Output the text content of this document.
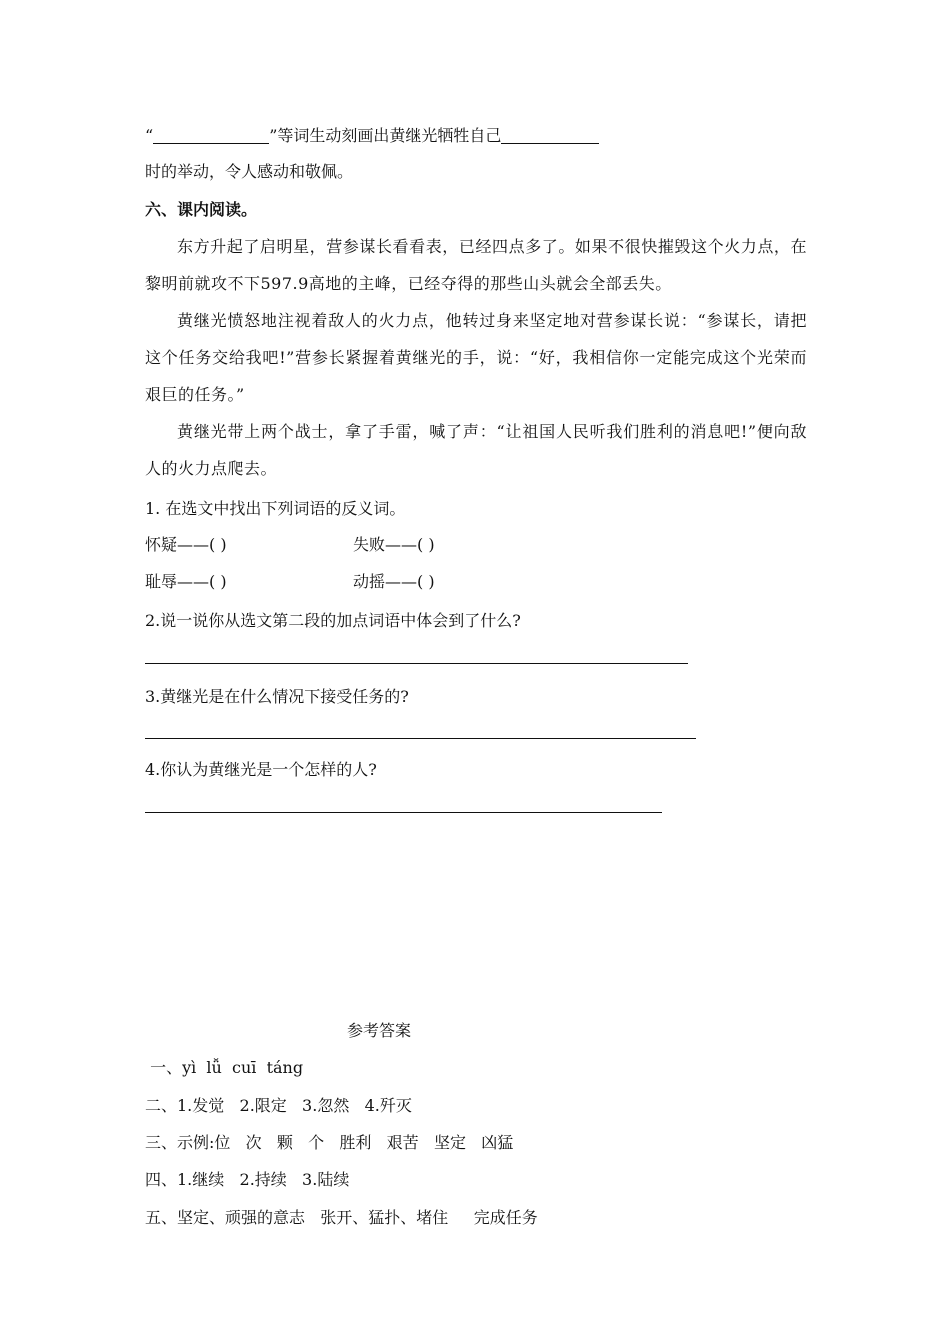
“	”等词生动刻画出黄继光牺牲自己
时的举动，令人感动和敬佩。
六、课内阅读。
东方升起了启明星，营参谋长看看表，已经四点多了。如果不很快摧毁这个火力点，在黎明前就攻不下597.9高地的主峰，已经夺得的那些山头就会全部丢失。
黄继光愤怒地注视着敌人的火力点，他转过身来坚定地对营参谋长说：“参谋长，请把这个任务交给我吧!”营参长紧握着黄继光的手，说：“好，我相信你一定能完成这个光荣而艰巨的任务。”
黄继光带上两个战士，拿了手雷，喊了声：“让祖国人民听我们胜利的消息吧!”便向敌人的火力点爬去。
1. 在选文中找出下列词语的反义词。
怀疑——( )	失败——( )
耻辱——( )	动摇——( )
2.说一说你从选文第二段的加点词语中体会到了什么?
3.黄继光是在什么情况下接受任务的?
4.你认为黄继光是一个怎样的人?
参考答案
一、yì  lǚ  cuī  táng
二、1.发觉   2.限定   3.忽然   4.歼灭
三、示例:位   次   颗   个   胜利   艰苦   坚定   凶猛
四、1.继续   2.持续   3.陆续
五、坚定、顽强的意志   张开、猛扑、堵住     完成任务
